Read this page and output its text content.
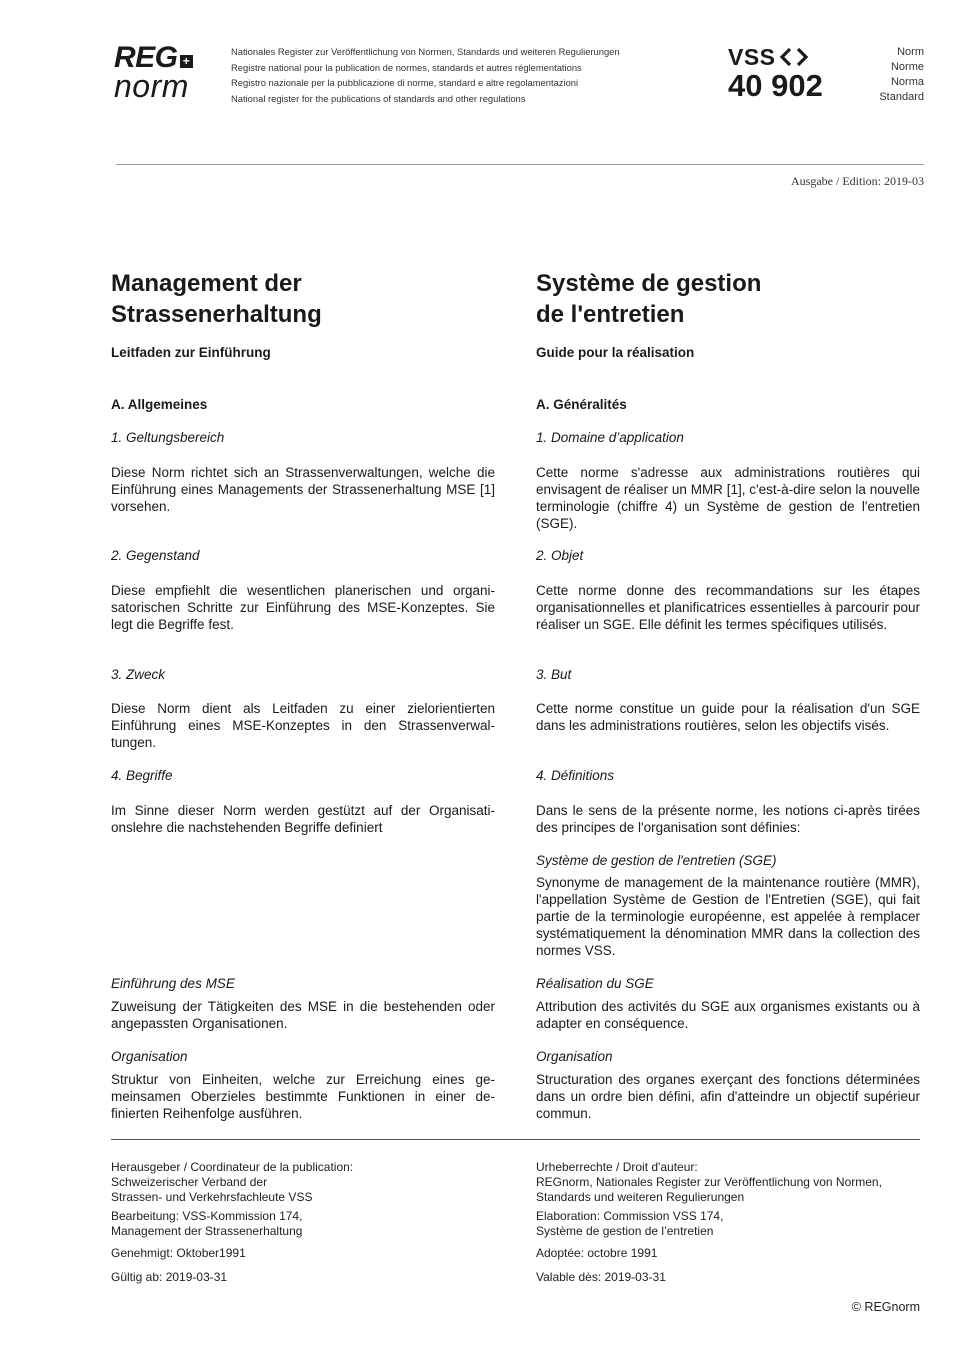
REG +
norm
Nationales Register zur Veröffentlichung von Normen, Standards und weiteren Regulierungen
Registre national pour la publication de normes, standards et autres réglementations
Registro nazionale per la pubblicazione di norme, standard e altre regolamentazioni
National register for the publications of standards and other regulations
VSS
40 902
Norm
Norme
Norma
Standard
Ausgabe / Edition: 2019-03
Management der
Strassenerhaltung
Leitfaden zur Einführung
A. Allgemeines
1. Geltungsbereich
Diese Norm richtet sich an Strassenverwaltungen, welche die Einführung eines Managements der Strassenerhaltung MSE [1] vorsehen.
2. Gegenstand
Diese empfiehlt die wesentlichen planerischen und organisatorischen Schritte zur Einführung des MSE-Konzeptes. Sie legt die Begriffe fest.
3. Zweck
Diese Norm dient als Leitfaden zu einer zielorientierten Einführung eines MSE-Konzeptes in den Strassenverwaltungen.
4. Begriffe
Im Sinne dieser Norm werden gestützt auf der Organisationslehre die nachstehenden Begriffe definiert
Einführung des MSE
Zuweisung der Tätigkeiten des MSE in die bestehenden oder angepassten Organisationen.
Organisation
Struktur von Einheiten, welche zur Erreichung eines gemeinsamen Oberzieles bestimmte Funktionen in einer definierten Reihenfolge ausführen.
Système de gestion
de l'entretien
Guide pour la réalisation
A. Généralités
1. Domaine d’application
Cette norme s'adresse aux administrations routières qui envisagent de réaliser un MMR [1], c'est-à-dire selon la nouvelle terminologie (chiffre 4) un Système de gestion de l'entretien (SGE).
2. Objet
Cette norme donne des recommandations sur les étapes organisationnelles et planificatrices essentielles à parcourir pour réaliser un SGE. Elle définit les termes spécifiques utilisés.
3. But
Cette norme constitue un guide pour la réalisation d'un SGE dans les administrations routières, selon les objectifs visés.
4. Définitions
Dans le sens de la présente norme, les notions ci-après tirées des principes de l'organisation sont définies:
Système de gestion de l'entretien (SGE)
Synonyme de management de la maintenance routière (MMR), l'appellation Système de Gestion de l'Entretien (SGE), qui fait partie de la terminologie européenne, est appelée à remplacer systématiquement la dénomination MMR dans la collection des normes VSS.
Réalisation du SGE
Attribution des activités du SGE aux organismes existants ou à adapter en conséquence.
Organisation
Structuration des organes exerçant des fonctions déterminées dans un ordre bien défini, afin d'atteindre un objectif supérieur commun.
Herausgeber / Coordinateur de la publication:
Schweizerischer Verband der
Strassen- und Verkehrsfachleute VSS
Bearbeitung: VSS-Kommission 174,
Management der Strassenerhaltung
Genehmigt: Oktober1991
Gültig ab: 2019-03-31
Urheberrechte / Droit d'auteur:
REGnorm, Nationales Register zur Veröffentlichung von Normen,
Standards und weiteren Regulierungen
Elaboration: Commission VSS 174,
Système de gestion de l’entretien
Adoptée: octobre 1991
Valable dès: 2019-03-31
© REGnorm
